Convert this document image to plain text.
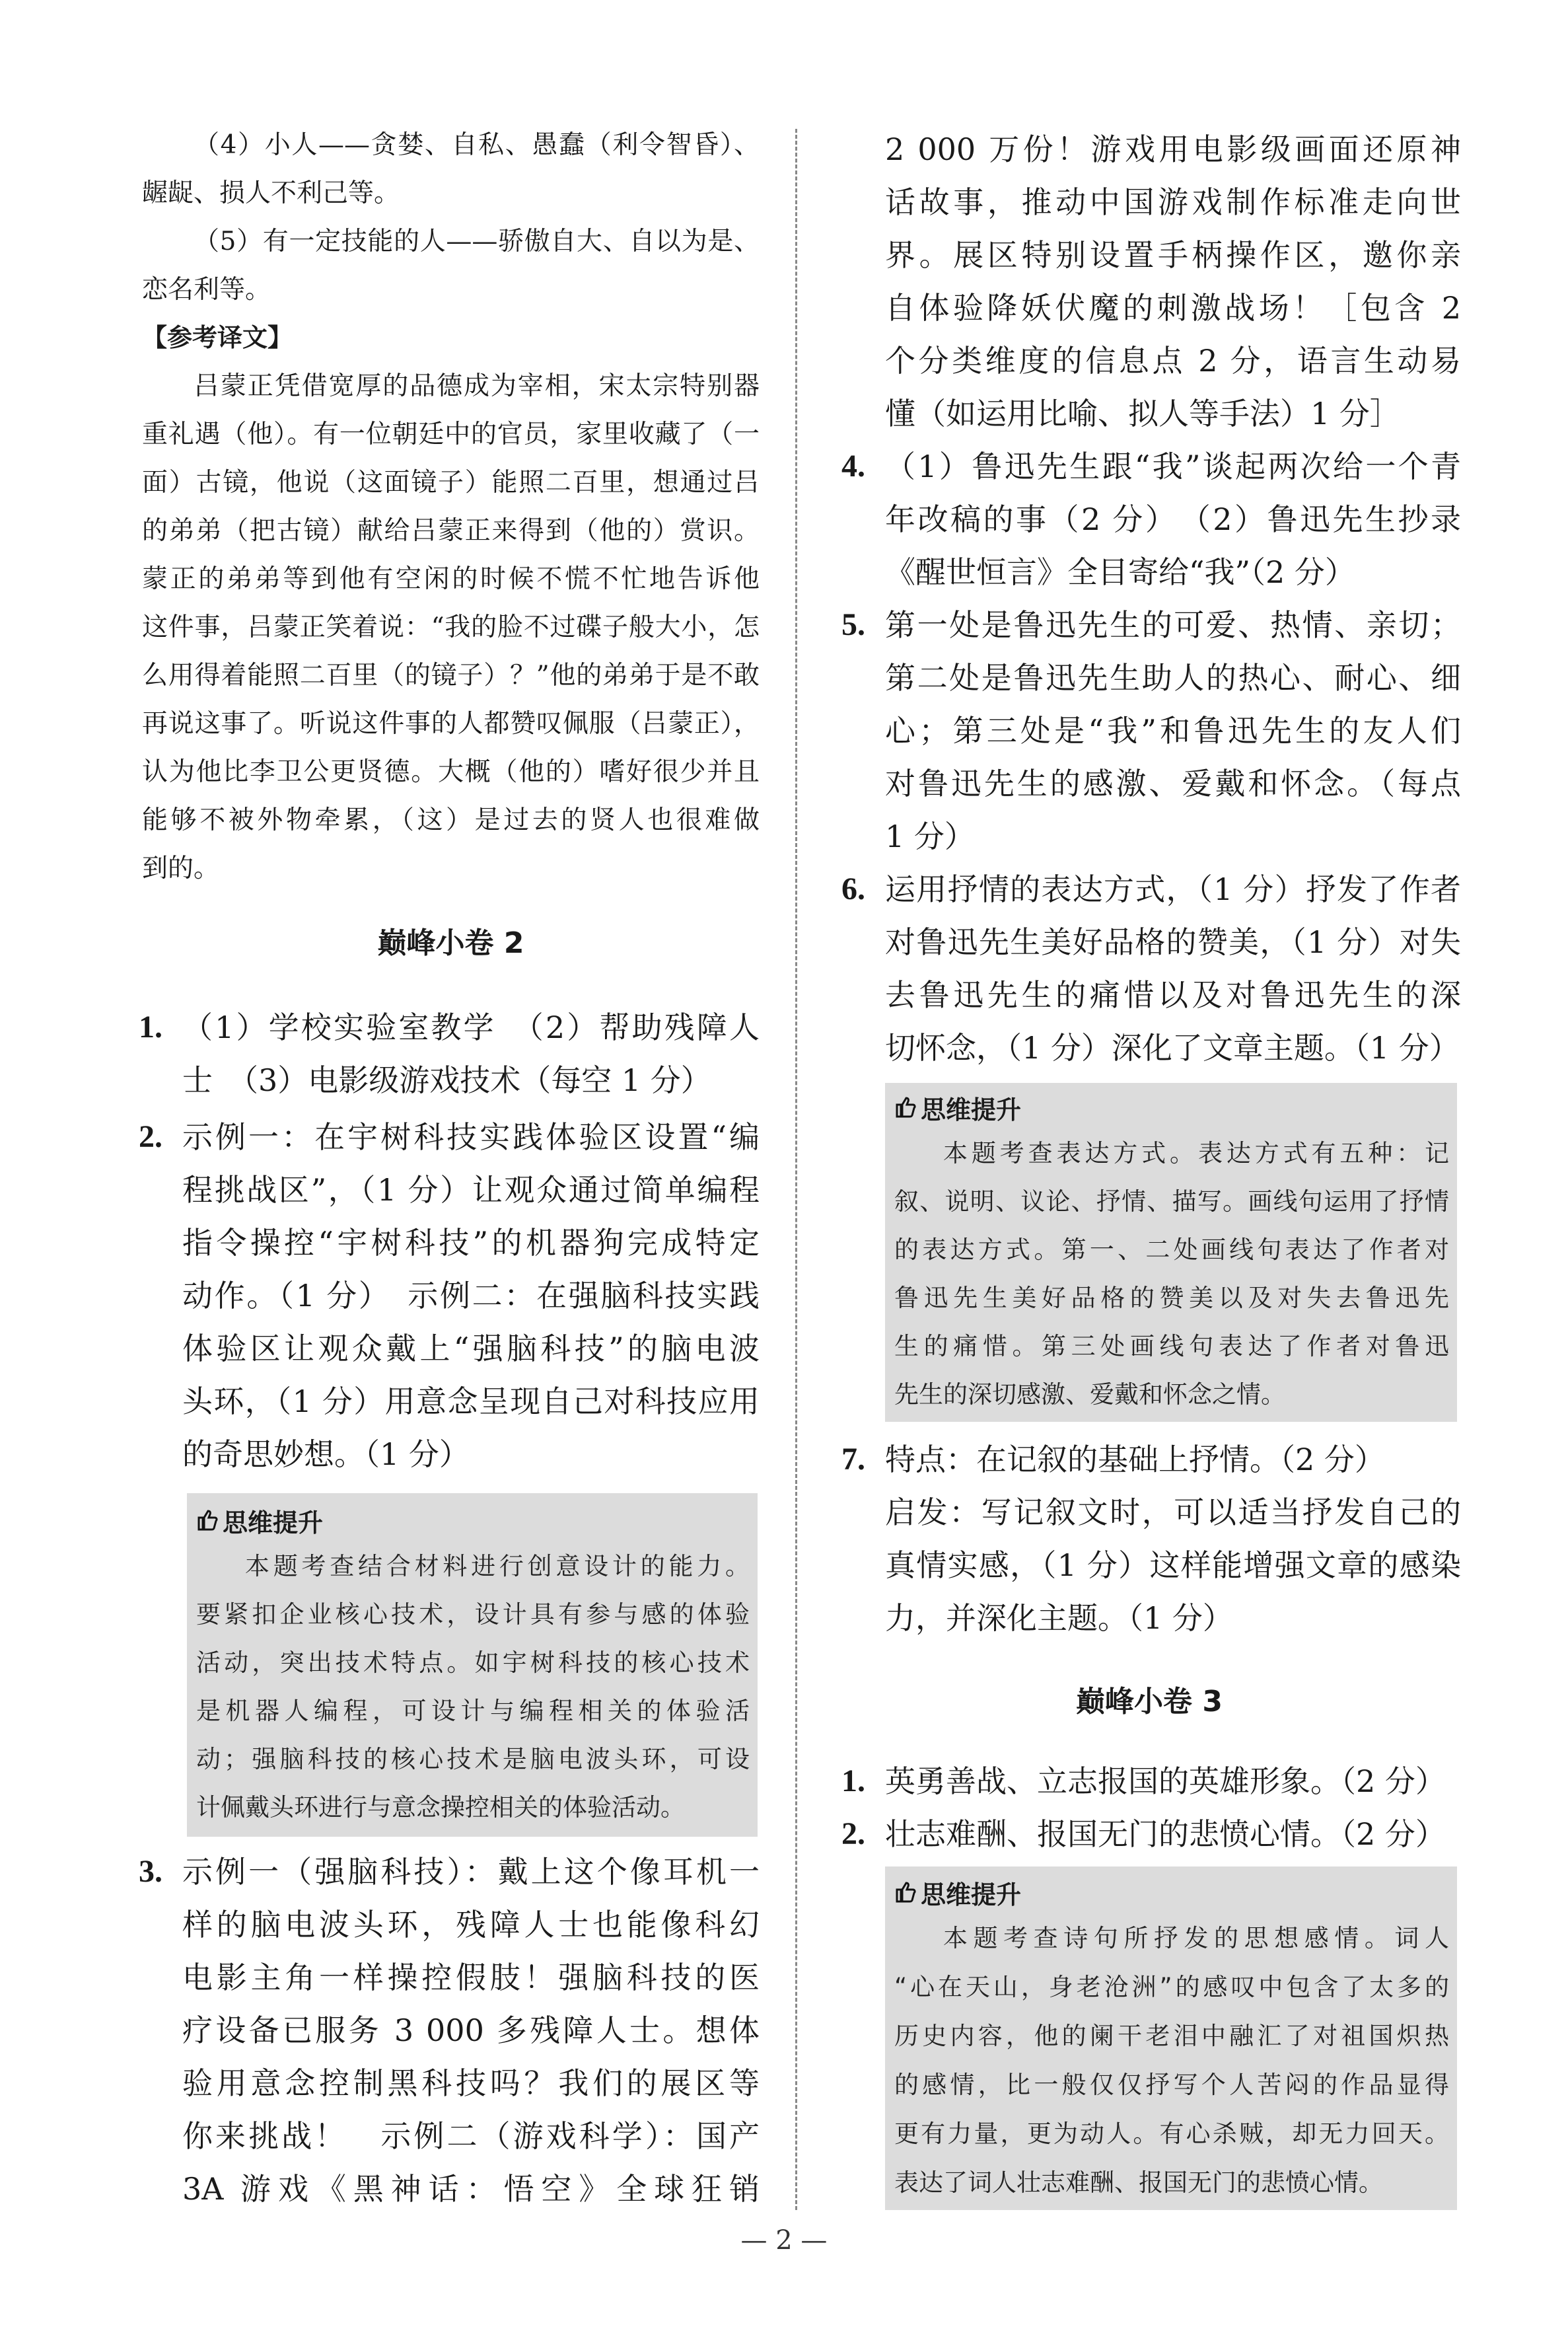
（4）小人——贪婪、自私、愚蠢（利令智昏）、
龌龊、损人不利己等。
（5）有一定技能的人——骄傲自大、自以为是、
恋名利等。
【参考译文】
吕蒙正凭借宽厚的品德成为宰相，宋太宗特别器
重礼遇（他）。有一位朝廷中的官员，家里收藏了（一
面）古镜，他说（这面镜子）能照二百里，想通过吕
的弟弟（把古镜）献给吕蒙正来得到（他的）赏识。
蒙正的弟弟等到他有空闲的时候不慌不忙地告诉他
这件事，吕蒙正笑着说：“我的脸不过碟子般大小，怎
么用得着能照二百里（的镜子）？”他的弟弟于是不敢
再说这事了。听说这件事的人都赞叹佩服（吕蒙正），
认为他比李卫公更贤德。大概（他的）嗜好很少并且
能够不被外物牵累，（这）是过去的贤人也很难做
到的。
巅峰小卷 2
1. （1）学校实验室教学　（2）帮助残障人
士　（3）电影级游戏技术（每空 1 分）
2. 示例一：在宇树科技实践体验区设置“编
程挑战区”，（1 分）让观众通过简单编程
指令操控“宇树科技”的机器狗完成特定
动作。（1 分）　示例二：在强脑科技实践
体验区让观众戴上“强脑科技”的脑电波
头环，（1 分）用意念呈现自己对科技应用
的奇思妙想。（1 分）
思维提升
本题考查结合材料进行创意设计的能力。
要紧扣企业核心技术，设计具有参与感的体验
活动，突出技术特点。如宇树科技的核心技术
是机器人编程，可设计与编程相关的体验活
动；强脑科技的核心技术是脑电波头环，可设
计佩戴头环进行与意念操控相关的体验活动。
3. 示例一（强脑科技）：戴上这个像耳机一
样的脑电波头环，残障人士也能像科幻
电影主角一样操控假肢！强脑科技的医
疗设备已服务 3 000 多残障人士。想体
验用意念控制黑科技吗？我们的展区等
你来挑战！　示例二（游戏科学）：国产
3A 游戏《黑神话：悟空》全球狂销
2 000 万份！游戏用电影级画面还原神
话故事，推动中国游戏制作标准走向世
界。展区特别设置手柄操作区，邀你亲
自体验降妖伏魔的刺激战场！［包含 2
个分类维度的信息点 2 分，语言生动易
懂（如运用比喻、拟人等手法）1 分］
4. （1）鲁迅先生跟“我”谈起两次给一个青
年改稿的事（2 分）　（2）鲁迅先生抄录
《醒世恒言》全目寄给“我”（2 分）
5. 第一处是鲁迅先生的可爱、热情、亲切；
第二处是鲁迅先生助人的热心、耐心、细
心；第三处是“我”和鲁迅先生的友人们
对鲁迅先生的感激、爱戴和怀念。（每点
1 分）
6. 运用抒情的表达方式，（1 分）抒发了作者
对鲁迅先生美好品格的赞美，（1 分）对失
去鲁迅先生的痛惜以及对鲁迅先生的深
切怀念，（1 分）深化了文章主题。（1 分）
思维提升
本题考查表达方式。表达方式有五种：记
叙、说明、议论、抒情、描写。画线句运用了抒情
的表达方式。第一、二处画线句表达了作者对
鲁迅先生美好品格的赞美以及对失去鲁迅先
生的痛惜。第三处画线句表达了作者对鲁迅
先生的深切感激、爱戴和怀念之情。
7. 特点：在记叙的基础上抒情。（2 分）
启发：写记叙文时，可以适当抒发自己的
真情实感，（1 分）这样能增强文章的感染
力，并深化主题。（1 分）
巅峰小卷 3
1. 英勇善战、立志报国的英雄形象。（2 分）
2. 壮志难酬、报国无门的悲愤心情。（2 分）
思维提升
本题考查诗句所抒发的思想感情。词人
“心在天山，身老沧洲”的感叹中包含了太多的
历史内容，他的阑干老泪中融汇了对祖国炽热
的感情，比一般仅仅抒写个人苦闷的作品显得
更有力量，更为动人。有心杀贼，却无力回天。
表达了词人壮志难酬、报国无门的悲愤心情。
— 2 —
